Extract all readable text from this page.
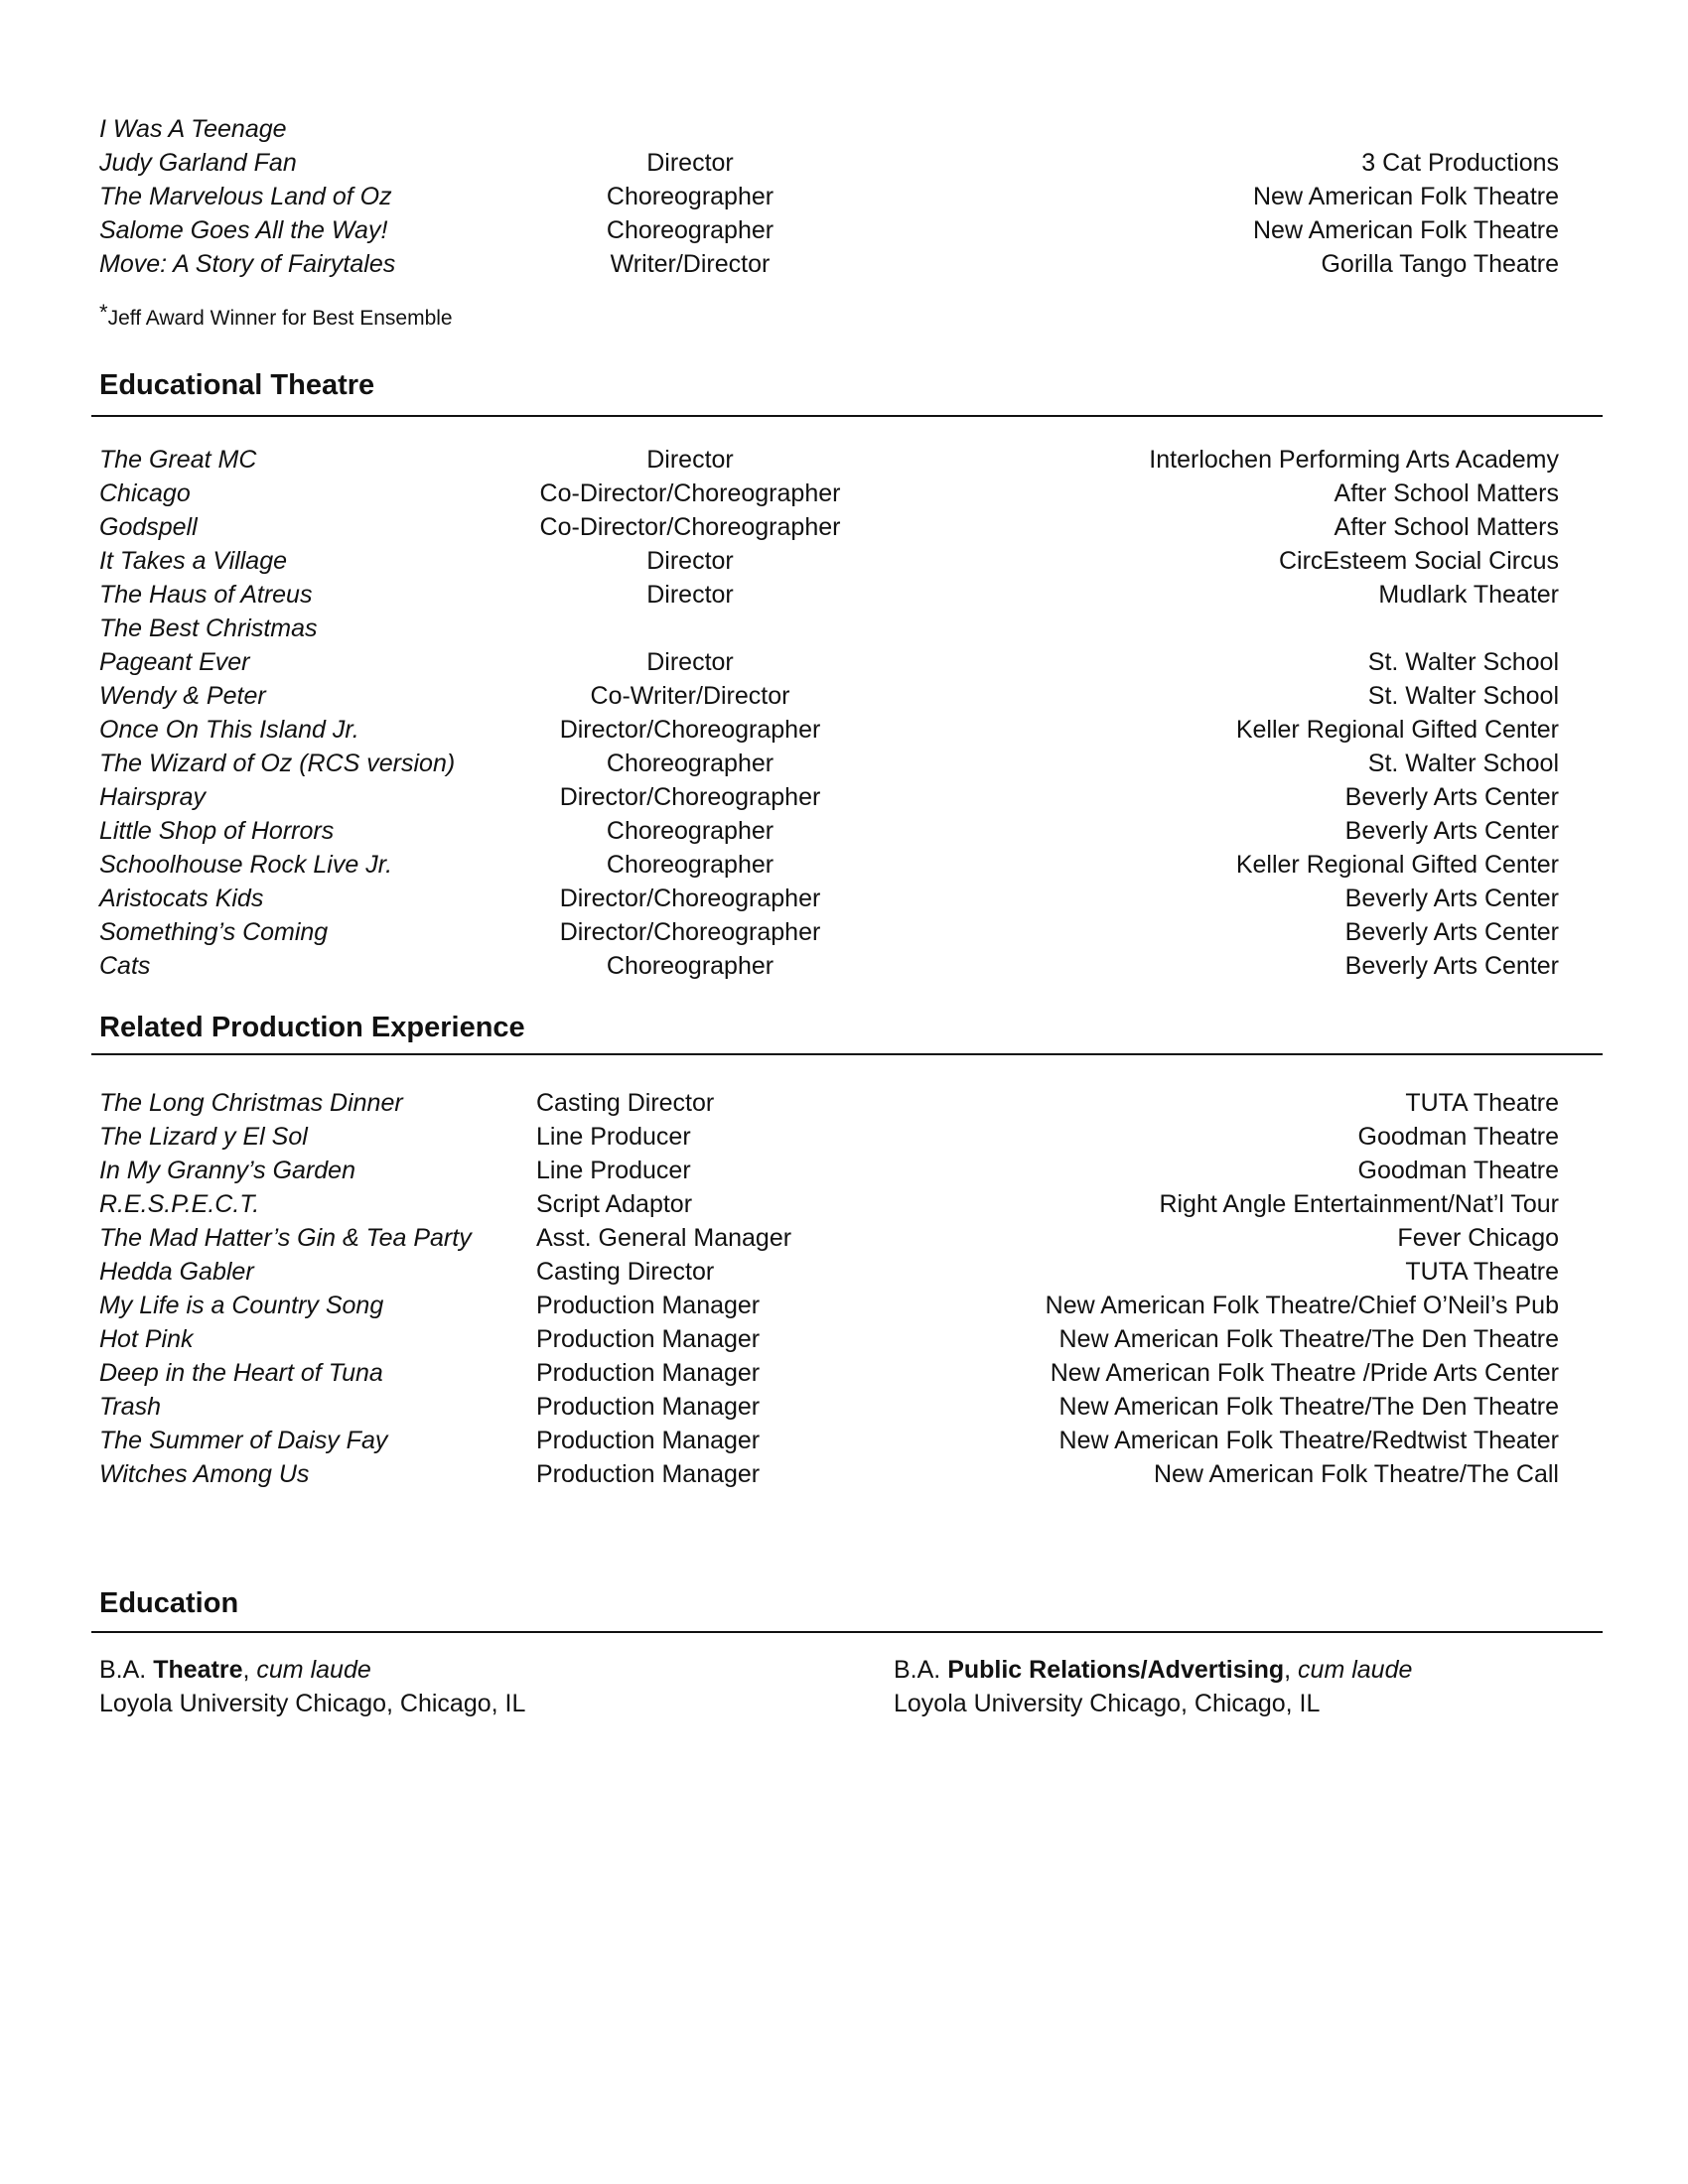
I Was A Teenage
Judy Garland Fan	Director	3 Cat Productions
The Marvelous Land of Oz	Choreographer	New American Folk Theatre
Salome Goes All the Way!	Choreographer	New American Folk Theatre
Move: A Story of Fairytales	Writer/Director	Gorilla Tango Theatre
*Jeff Award Winner for Best Ensemble
Educational Theatre
The Great MC	Director	Interlochen Performing Arts Academy
Chicago	Co-Director/Choreographer	After School Matters
Godspell	Co-Director/Choreographer	After School Matters
It Takes a Village	Director	CircEsteem Social Circus
The Haus of Atreus	Director	Mudlark Theater
The Best Christmas
Pageant Ever	Director	St. Walter School
Wendy & Peter	Co-Writer/Director	St. Walter School
Once On This Island Jr.	Director/Choreographer	Keller Regional Gifted Center
The Wizard of Oz (RCS version)	Choreographer	St. Walter School
Hairspray	Director/Choreographer	Beverly Arts Center
Little Shop of Horrors	Choreographer	Beverly Arts Center
Schoolhouse Rock Live Jr.	Choreographer	Keller Regional Gifted Center
Aristocats Kids	Director/Choreographer	Beverly Arts Center
Something’s Coming	Director/Choreographer	Beverly Arts Center
Cats	Choreographer	Beverly Arts Center
Related Production Experience
The Long Christmas Dinner	Casting Director	TUTA Theatre
The Lizard y El Sol	Line Producer	Goodman Theatre
In My Granny’s Garden	Line Producer	Goodman Theatre
R.E.S.P.E.C.T.	Script Adaptor	Right Angle Entertainment/Nat’l Tour
The Mad Hatter’s Gin & Tea Party	Asst. General Manager	Fever Chicago
Hedda Gabler	Casting Director	TUTA Theatre
My Life is a Country Song	Production Manager	New American Folk Theatre/Chief O’Neil’s Pub
Hot Pink	Production Manager	New American Folk Theatre/The Den Theatre
Deep in the Heart of Tuna	Production Manager	New American Folk Theatre /Pride Arts Center
Trash	Production Manager	New American Folk Theatre/The Den Theatre
The Summer of Daisy Fay	Production Manager	New American Folk Theatre/Redtwist Theater
Witches Among Us	Production Manager	New American Folk Theatre/The Call
Education
B.A. Theatre, cum laude
Loyola University Chicago, Chicago, IL
B.A. Public Relations/Advertising, cum laude
Loyola University Chicago, Chicago, IL
